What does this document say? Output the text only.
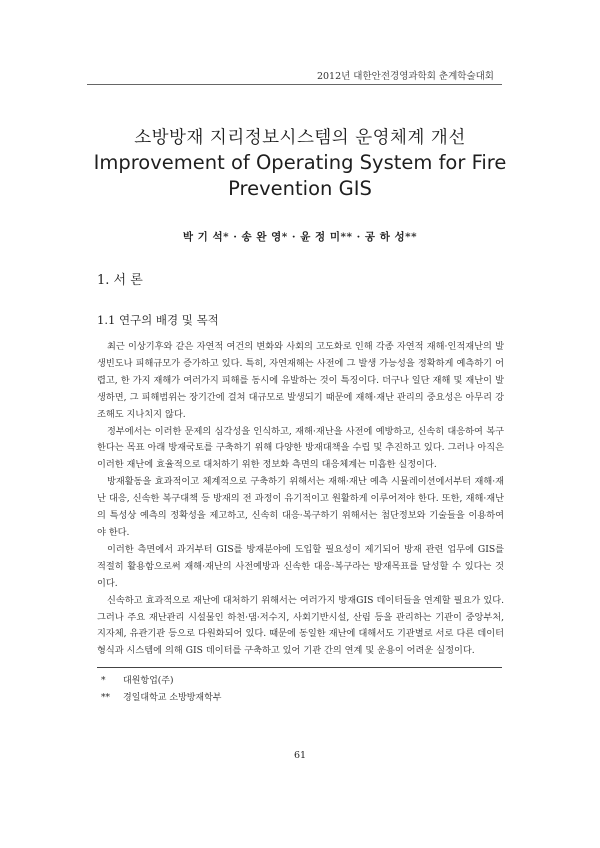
2012년 대한안전경영과학회 춘계학술대회
소방방재 지리정보시스템의 운영체계 개선
Improvement of Operating System for Fire Prevention GIS
박 기 석* · 송 완 영* · 윤 정 미** · 공 하 성**
1. 서 론
1.1 연구의 배경 및 목적

최근 이상기후와 같은 자연적 여건의 변화와 사회의 고도화로 인해 각종 자연적 재해·인적재난의 발생빈도나 피해규모가 증가하고 있다. 특히, 자연재해는 사전에 그 발생 가능성을 정확하게 예측하기 어렵고, 한 가지 재해가 여러가지 피해를 동시에 유발하는 것이 특징이다. 더구나 일단 재해 및 재난이 발생하면, 그 피해범위는 장기간에 걸쳐 대규모로 발생되기 때문에 재해·재난 관리의 중요성은 아무리 강조해도 지나치지 않다.

정부에서는 이러한 문제의 심각성을 인식하고, 재해·재난을 사전에 예방하고, 신속히 대응하여 복구한다는 목표 아래 방재국토를 구축하기 위해 다양한 방재대책을 수립 및 추진하고 있다. 그러나 아직은 이러한 재난에 효율적으로 대처하기 위한 정보화 측면의 대응체계는 미흡한 실정이다.

방재활동을 효과적이고 체계적으로 구축하기 위해서는 재해·재난 예측 시뮬레이션에서부터 재해·재난 대응, 신속한 복구대책 등 방재의 전 과정이 유기적이고 원활하게 이루어져야 한다. 또한, 재해·재난의 특성상 예측의 정확성을 제고하고, 신속히 대응·복구하기 위해서는 첨단정보와 기술들을 이용하여야 한다.

이러한 측면에서 과거부터 GIS를 방재분야에 도입할 필요성이 제기되어 방재 관련 업무에 GIS를 적절히 활용함으로써 재해·재난의 사전예방과 신속한 대응·복구라는 방재목표를 달성할 수 있다는 것이다.

신속하고 효과적으로 재난에 대처하기 위해서는 여러가지 방재GIS 데이터들을 연계할 필요가 있다. 그러나 주요 재난관리 시설물인 하천·댐·저수지, 사회기반시설, 산림 등을 관리하는 기관이 중앙부처, 지자체, 유관기관 등으로 다원화되어 있다. 때문에 동일한 재난에 대해서도 기관별로 서로 다른 데이터 형식과 시스템에 의해 GIS 데이터를 구축하고 있어 기관 간의 연계 및 운용이 어려운 실정이다.

* 대원항업(주)
** 경일대학교 소방방재학부
61
